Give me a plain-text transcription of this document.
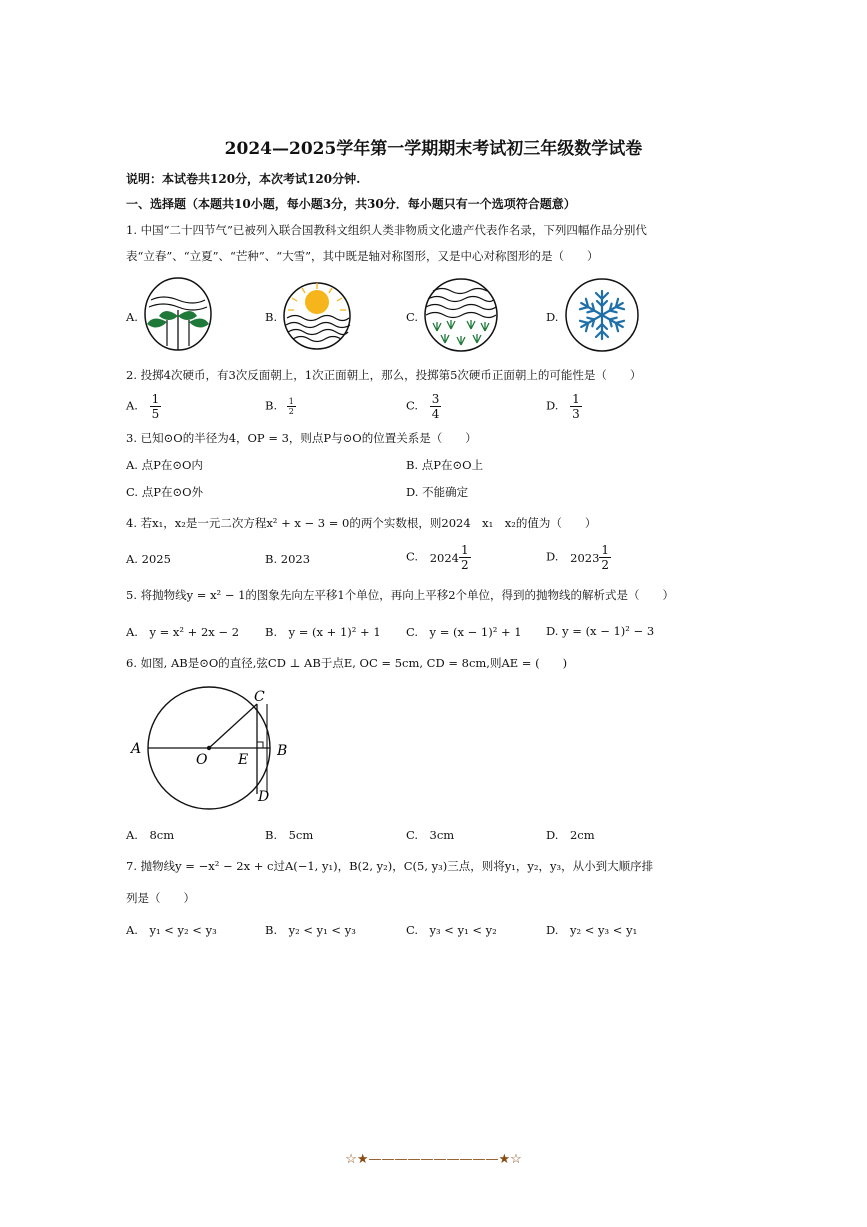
2024—2025学年第一学期期末考试初三年级数学试卷
说明：本试卷共120分，本次考试120分钟.
一、选择题（本题共10小题，每小题3分，共30分．每小题只有一个选项符合题意）
1. 中国“二十四节气”已被列入联合国教科文组织人类非物质文化遗产代表作名录，下列四幅作品分别代
表“立春”、“立夏”、“芒种”、“大雪”，其中既是轴对称图形，又是中心对称图形的是（　　）
A.	B.	C.	D.
2. 投掷4次硬币，有3次反面朝上，1次正面朝上，那么，投掷第5次硬币正面朝上的可能性是（　　）
A. $\frac{1}{5}$	B. $\frac{1}{2}$	C. $\frac{3}{4}$	D. $\frac{1}{3}$
3. 已知⊙O的半径为4，OP = 3，则点P与⊙O的位置关系是（　　）
A. 点P在⊙O内	B. 点P在⊙O上
C. 点P在⊙O外	D. 不能确定
4. 若x₁，x₂是一元二次方程x² + x − 3 = 0的两个实数根，则2024　x₁　x₂的值为（　　）
A. 2025	B. 2023	C. $2024 \frac{1}{2}$	D. $2023 \frac{1}{2}$
5. 将抛物线y = x² − 1的图象先向左平移1个单位，再向上平移2个单位，得到的抛物线的解析式是（　　）
A.　y = x² + 2x − 2 B.　y = (x + 1)² + 1 C.　y = (x − 1)² + 1 D. y = (x − 1)² − 3
6. 如图, AB是⊙O的直径,弦CD ⊥ AB于点E, OC = 5cm, CD = 8cm,则AE = (　　)
A	B
C
D
O E
A.　8cm	B.　5cm	C.　3cm	D.　2cm
7. 抛物线y = −x² − 2x + c过A(−1, y₁)，B(2, y₂)，C(5, y₃)三点，则将y₁，y₂，y₃，从小到大顺序排
列是（　　）
A.　y₁ < y₂ < y₃	B.　y₂ < y₁ < y₃	C.　y₃ < y₁ < y₂	D.　y₂ < y₃ < y₁
☆★——————————★☆
